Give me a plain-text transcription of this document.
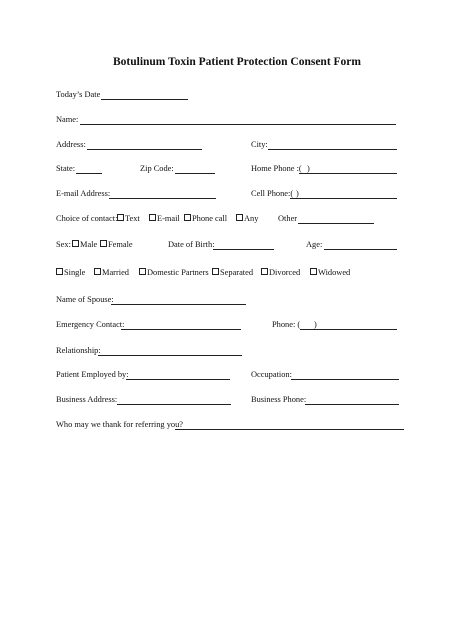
Botulinum Toxin Patient Protection Consent Form
Today’s Date
Name:
Address:	City:
State:	Zip Code:	Home Phone :( )
E-mail Address:	Cell Phone:( )
Choice of contact: Text	E-mail	Phone call	Any Other
Sex:	Male	Female	Date of Birth:	Age:
Single	Married	Domestic Partners	Separated	Divorced	Widowed
Name of Spouse:
Emergency Contact:	Phone: ( )
Relationship:
Patient Employed by:	Occupation:
Business Address:	Business Phone:
Who may we thank for referring you?
